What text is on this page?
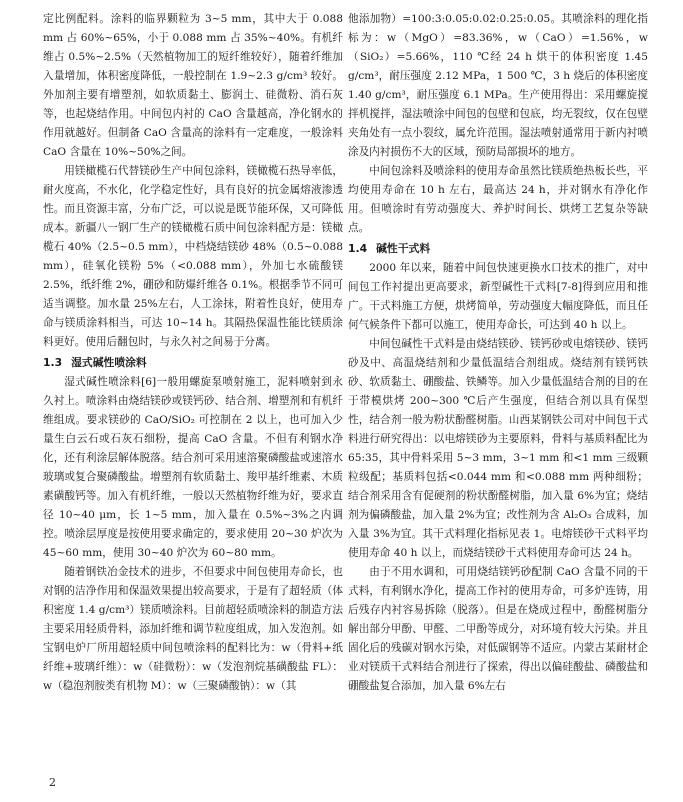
定比例配料。涂料的临界颗粒为 3~5 mm，其中大于 0.088 mm 占 60%~65%，小于 0.088 mm 占 35%~40%。有机纤维占 0.5%~2.5%（天然植物加工的短纤维较好），随着纤维加入量增加，体积密度降低，一般控制在 1.9~2.3 g/cm³ 较好。外加剂主要有增塑剂，如软质黏土、膨润土、硅微粉、消石灰等，也起烧结作用。中间包内衬的 CaO 含量越高，净化钢水的作用就越好。但制备 CaO 含量高的涂料有一定难度，一般涂料 CaO 含量在 10%~50%之间。

用镁橄榄石代替镁砂生产中间包涂料，镁橄榄石热导率低，耐火度高，不水化，化学稳定性好，具有良好的抗金属熔液渗透性。而且资源丰富，分布广泛，可以说是既节能环保，又可降低成本。新疆八一钢厂生产的镁橄榄石质中间包涂料配方是：镁橄榄石 40%（2.5~0.5 mm），中档烧结镁砂 48%（0.5~0.088 mm），硅氧化镁粉 5%（<0.088 mm），外加七水硫酸镁 2.5%，纸纤维 2%，硼砂和防爆纤维各 0.1%。根据季节不同可适当调整。加水量 25%左右，人工涂抹，附着性良好，使用寿命与镁质涂料相当，可达 10~14 h。其隔热保温性能比镁质涂料更好。使用后翻包时，与永久衬之间易于分离。

1.3 湿式碱性喷涂料

湿式碱性喷涂料[6]一般用螺旋泵喷射施工，泥料喷射到永久衬上。喷涂料由烧结镁砂或镁钙砂、结合剂、增塑剂和有机纤维组成。要求镁砂的 CaO/SiO₂ 可控制在 2 以上，也可加入少量生白云石或石灰石细粉，提高 CaO 含量。不但有利钢水净化，还有利涂层解体脱落。结合剂可采用速溶聚磷酸盐或速溶水玻璃或复合聚磷酸盐。增塑剂有软质黏土、羧甲基纤维素、木质素磺酸钙等。加入有机纤维，一般以天然植物纤维为好，要求直径 10~40 μm，长 1~5 mm，加入量在 0.5%~3%之内调控。喷涂层厚度是按使用要求确定的，要求使用 20~30 炉次为 45~60 mm，使用 30~40 炉次为 60~80 mm。

随着钢铁冶金技术的进步，不但要求中间包使用寿命长，也对钢的洁净作用和保温效果提出较高要求，于是有了超轻质（体积密度 1.4 g/cm³）镁质喷涂料。目前超轻质喷涂料的制造方法主要采用轻质骨料，添加纤维和调节粒度组成，加入发泡剂。如宝钢电炉厂所用超轻质中间包喷涂料的配料比为：w（骨料+纸纤维+玻璃纤维）：w（硅微粉）：w（发泡剂烷基磺酸盐 FL）：w（稳泡剂胺类有机物 M）：w（三聚磷酸钠）：w（其

他添加物）=100:3:0.05:0.02:0.25:0.05。其喷涂料的理化指标为：w（MgO）=83.36%，w（CaO）=1.56%，w（SiO₂）=5.66%，110 ℃经 24 h 烘干的体积密度 1.45 g/cm³，耐压强度 2.12 MPa，1 500 ℃，3 h 烧后的体积密度 1.40 g/cm³，耐压强度 6.1 MPa。生产使用得出：采用螺旋搅拌机搅拌，湿法喷涂中间包的包壁和包底，均无裂纹，仅在包壁夹角处有一点小裂纹，属允许范围。湿法喷射通常用于新内衬喷涂及内衬损伤不大的区域，预防局部损坏的地方。

中间包涂料及喷涂料的使用寿命虽然比镁质绝热板长些，平均使用寿命在 10 h 左右，最高达 24 h，并对钢水有净化作用。但喷涂时有劳动强度大、养护时间长、烘烤工艺复杂等缺点。

1.4 碱性干式料

2000 年以来，随着中间包快速更换水口技术的推广，对中间包工作衬提出更高要求，新型碱性干式料[7-8]得到应用和推广。干式料施工方便，烘烤简单，劳动强度大幅度降低，而且任何气候条件下都可以施工，使用寿命长，可达到 40 h 以上。

中间包碱性干式料是由烧结镁砂、镁钙砂或电熔镁砂、镁钙砂及中、高温烧结剂和少量低温结合剂组成。烧结剂有镁钙铁砂、软质黏土、硼酸盐、铁鳞等。加入少量低温结合剂的目的在于带模烘烤 200~300 ℃后产生强度，但结合剂以具有保型性，结合剂一般为粉状酚醛树脂。山西某钢铁公司对中间包干式料进行研究得出：以电熔镁砂为主要原料，骨料与基质料配比为 65:35，其中骨料采用 5~3 mm，3~1 mm 和<1 mm 三级颗粒级配；基质料包括<0.044 mm 和<0.088 mm 两种细粉；结合剂采用含有促硬剂的粉状酚醛树脂，加入量 6%为宜；烧结剂为偏磷酸盐，加入量 2%为宜；改性剂为含 Al₂O₃ 合成料，加入量 3%为宜。其干式料理化指标见表 1。电熔镁砂干式料平均使用寿命 40 h 以上，而烧结镁砂干式料使用寿命可达 24 h。

由于不用水调和，可用烧结镁钙砂配制 CaO 含量不同的干式料，有利钢水净化，提高工作衬的使用寿命，可多炉连铸，用后残存内衬容易拆除（脱落）。但是在烧成过程中，酚醛树脂分解出部分甲酚、甲醛、二甲酚等成分，对环境有较大污染。并且固化后的残碳对钢水污染，对低碳钢等不适应。内蒙古某耐材企业对镁质干式料结合剂进行了探索，得出以偏硅酸盐、磷酸盐和硼酸盐复合添加，加入量 6%左右

2
